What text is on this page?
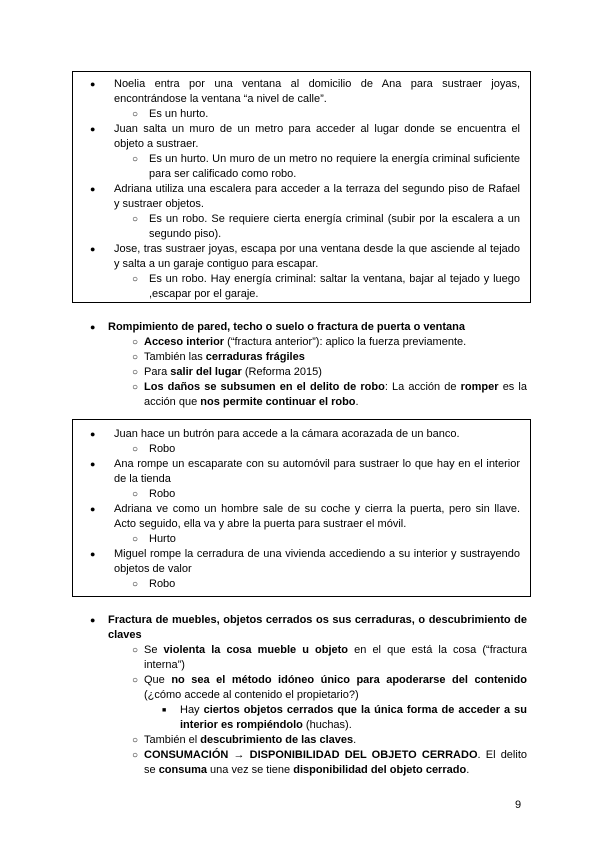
● Noelia entra por una ventana al domicilio de Ana para sustraer joyas,
encontrándose la ventana “a nivel de calle”.
○ Es un hurto.
● Juan salta un muro de un metro para acceder al lugar donde se encuentra el
objeto a sustraer.
○ Es un hurto. Un muro de un metro no requiere la energía criminal suficiente
para ser calificado como robo.
● Adriana utiliza una escalera para acceder a la terraza del segundo piso de Rafael
y sustraer objetos.
○ Es un robo. Se requiere cierta energía criminal (subir por la escalera a un
segundo piso).
● Jose, tras sustraer joyas, escapa por una ventana desde la que asciende al tejado
y salta a un garaje contiguo para escapar.
○ Es un robo. Hay energía criminal: saltar la ventana, bajar al tejado y luego
,escapar por el garaje.
● Rompimiento de pared, techo o suelo o fractura de puerta o ventana
○ Acceso interior (“fractura anterior”): aplico la fuerza previamente.
○ También las cerraduras frágiles
○ Para salir del lugar (Reforma 2015)
○ Los daños se subsumen en el delito de robo: La acción de romper es la
acción que nos permite continuar el robo.
● Juan hace un butrón para accede a la cámara acorazada de un banco.
○ Robo
● Ana rompe un escaparate con su automóvil para sustraer lo que hay en el interior
de la tienda
○ Robo
● Adriana ve como un hombre sale de su coche y cierra la puerta, pero sin llave.
Acto seguido, ella va y abre la puerta para sustraer el móvil.
○ Hurto
● Miguel rompe la cerradura de una vivienda accediendo a su interior y sustrayendo
objetos de valor
○ Robo
● Fractura de muebles, objetos cerrados os sus cerraduras, o descubrimiento de
claves
○ Se violenta la cosa mueble u objeto en el que está la cosa (“fractura
interna”)
○ Que no sea el método idóneo único para apoderarse del contenido
(¿cómo accede al contenido el propietario?)
■ Hay ciertos objetos cerrados que la única forma de acceder a su
interior es rompiéndolo (huchas).
○ También el descubrimiento de las claves.
○ CONSUMACIÓN → DISPONIBILIDAD DEL OBJETO CERRADO. El delito
se consuma una vez se tiene disponibilidad del objeto cerrado.
9
